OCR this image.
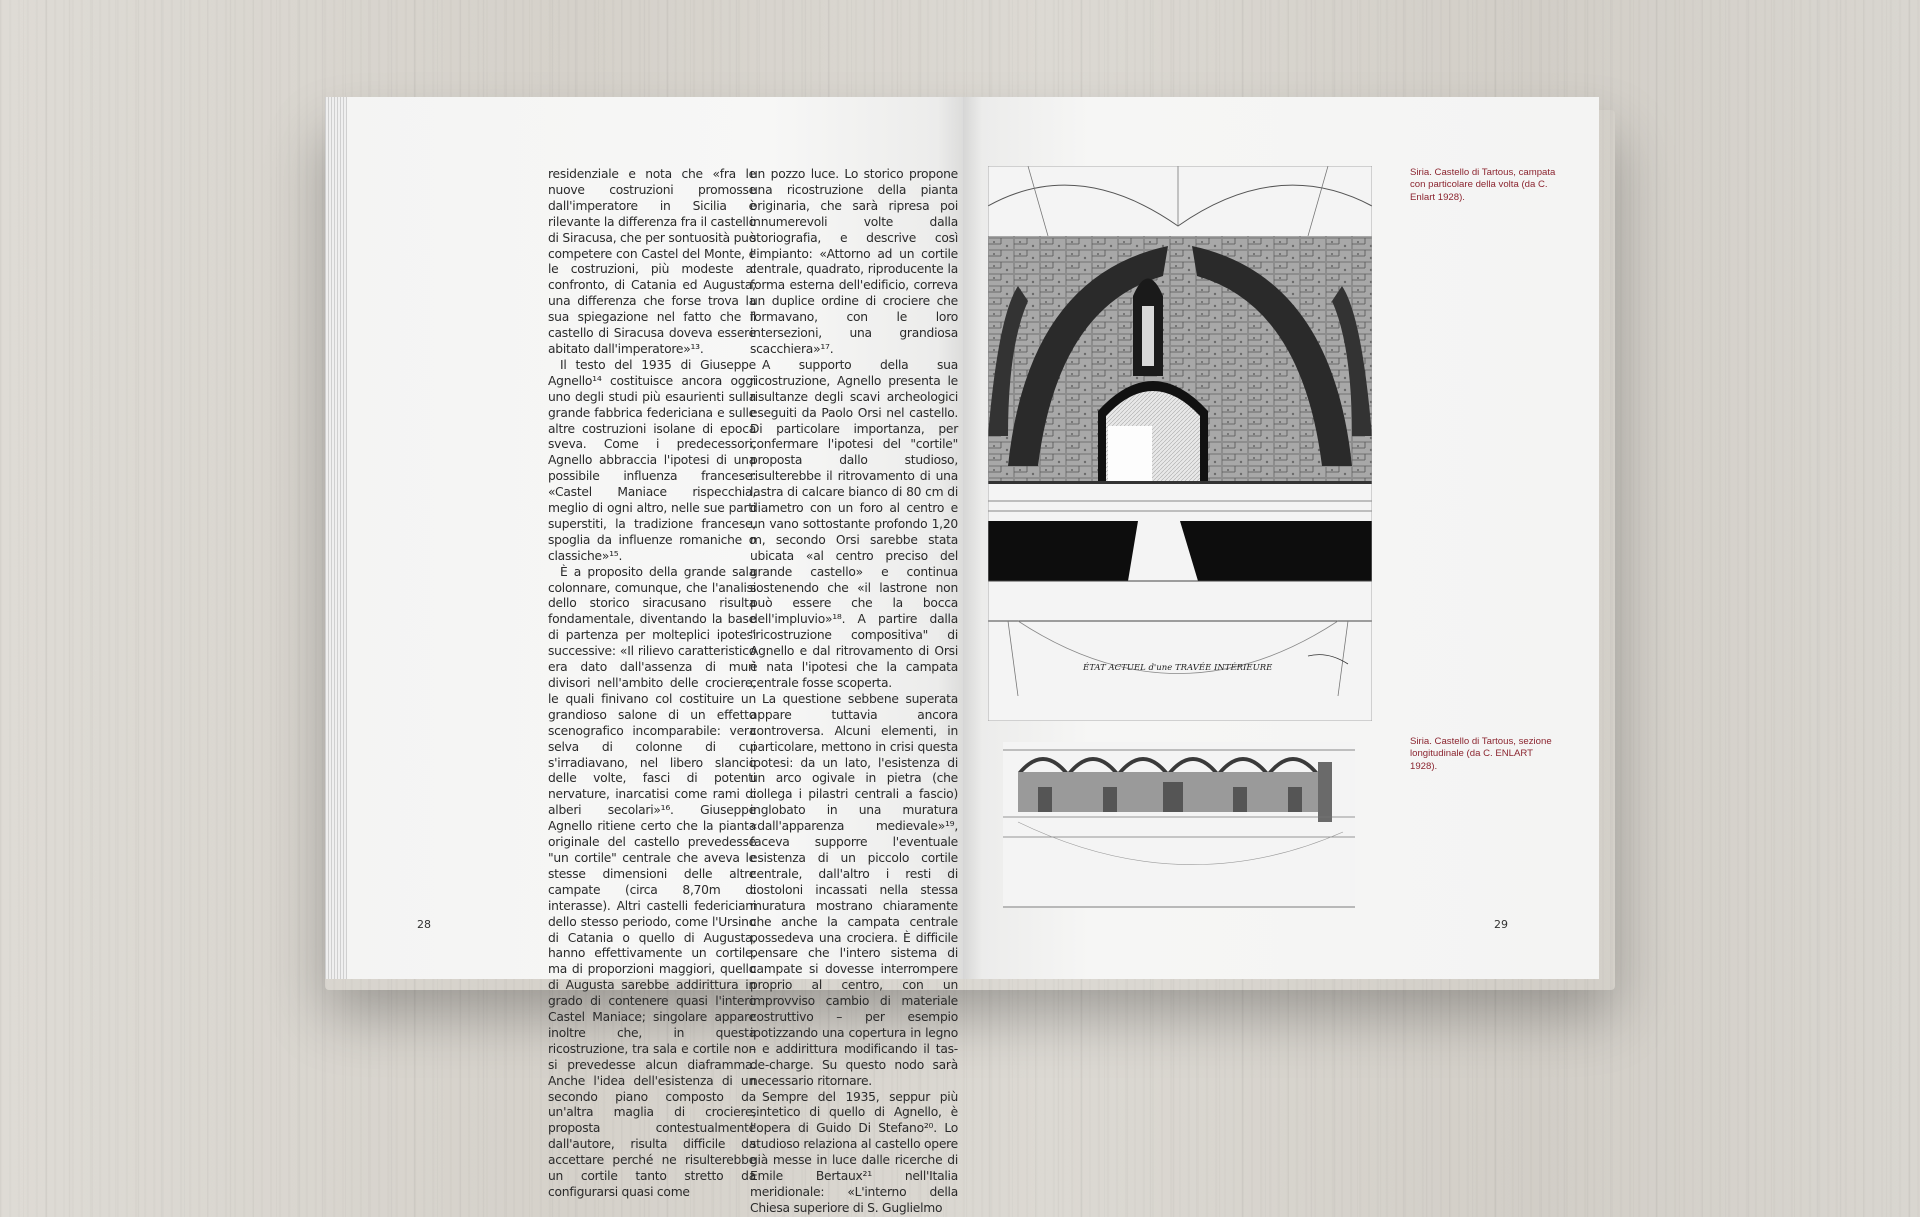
residenziale e nota che «fra le nuove costruzioni promosse dall'imperatore in Sicilia è rilevante la differenza fra il castello di Siracusa, che per sontuosità può competere con Castel del Monte, e le costruzioni, più modeste al confronto, di Catania ed Augusta; una differenza che forse trova la sua spiegazione nel fatto che il castello di Siracusa doveva essere abitato dall'imperatore»¹³.

Il testo del 1935 di Giuseppe Agnello¹⁴ costituisce ancora oggi uno degli studi più esaurienti sulla grande fabbrica federiciana e sulle altre costruzioni isolane di epoca sveva. Come i predecessori, Agnello abbraccia l'ipotesi di una possibile influenza francese: «Castel Maniace rispecchia, meglio di ogni altro, nelle sue parti superstiti, la tradizione francese, spoglia da influenze romaniche o classiche»¹⁵.

È a proposito della grande sala colonnare, comunque, che l'analisi dello storico siracusano risulta fondamentale, diventando la base di partenza per molteplici ipotesi successive: «Il rilievo caratteristico era dato dall'assenza di muri divisori nell'ambito delle crociere, le quali finivano col costituire un grandioso salone di un effetto scenografico incomparabile: vera selva di colonne di cui s'irradiavano, nel libero slancio delle volte, fasci di potenti nervature, inarcatisi come rami di alberi secolari»¹⁶. Giuseppe Agnello ritiene certo che la pianta originale del castello prevedesse "un cortile" centrale che aveva le stesse dimensioni delle altre campate (circa 8,70m di interasse). Altri castelli federiciani dello stesso periodo, come l'Ursino di Catania o quello di Augusta, hanno effettivamente un cortile, ma di proporzioni maggiori, quello di Augusta sarebbe addirittura in grado di contenere quasi l'intero Castel Maniace; singolare appare inoltre che, in questa ricostruzione, tra sala e cortile non si prevedesse alcun diaframma. Anche l'idea dell'esistenza di un secondo piano composto da un'altra maglia di crociere, proposta contestualmente dall'autore, risulta difficile da accettare perché ne risulterebbe un cortile tanto stretto da configurarsi quasi come

un pozzo luce. Lo storico propone una ricostruzione della pianta originaria, che sarà ripresa poi innumerevoli volte dalla storiografia, e descrive così l'impianto: «Attorno ad un cortile centrale, quadrato, riproducente la forma esterna dell'edificio, correva un duplice ordine di crociere che formavano, con le loro intersezioni, una grandiosa scacchiera»¹⁷.

A supporto della sua ricostruzione, Agnello presenta le risultanze degli scavi archeologici eseguiti da Paolo Orsi nel castello. Di particolare importanza, per confermare l'ipotesi del "cortile" proposta dallo studioso, risulterebbe il ritrovamento di una lastra di calcare bianco di 80 cm di diametro con un foro al centro e un vano sottostante profondo 1,20 m, secondo Orsi sarebbe stata ubicata «al centro preciso del grande castello» e continua sostenendo che «il lastrone non può essere che la bocca dell'impluvio»¹⁸. A partire dalla "ricostruzione compositiva" di Agnello e dal ritrovamento di Orsi è nata l'ipotesi che la campata centrale fosse scoperta.

La questione sebbene superata appare tuttavia ancora controversa. Alcuni elementi, in particolare, mettono in crisi questa ipotesi: da un lato, l'esistenza di un arco ogivale in pietra (che collega i pilastri centrali a fascio) inglobato in una muratura «dall'apparenza medievale»¹⁹, faceva supporre l'eventuale esistenza di un piccolo cortile centrale, dall'altro i resti di costoloni incassati nella stessa muratura mostrano chiaramente che anche la campata centrale possedeva una crociera. È difficile pensare che l'intero sistema di campate si dovesse interrompere proprio al centro, con un improvviso cambio di materiale costruttivo – per esempio ipotizzando una copertura in legno – e addirittura modificando il tas-de-charge. Su questo nodo sarà necessario ritornare.

Sempre del 1935, seppur più sintetico di quello di Agnello, è l'opera di Guido Di Stefano²⁰. Lo studioso relaziona al castello opere già messe in luce dalle ricerche di Emile Bertaux²¹ nell'Italia meridionale: «L'interno della Chiesa superiore di S. Guglielmo

28	29
ÉTAT ACTUEL d'une TRAVÉE INTÉRIEURE
Siria. Castello di Tartous, campata con particolare della volta (da C. Enlart 1928).
Siria. Castello di Tartous, sezione longitudinale (da C. ENLART 1928).
